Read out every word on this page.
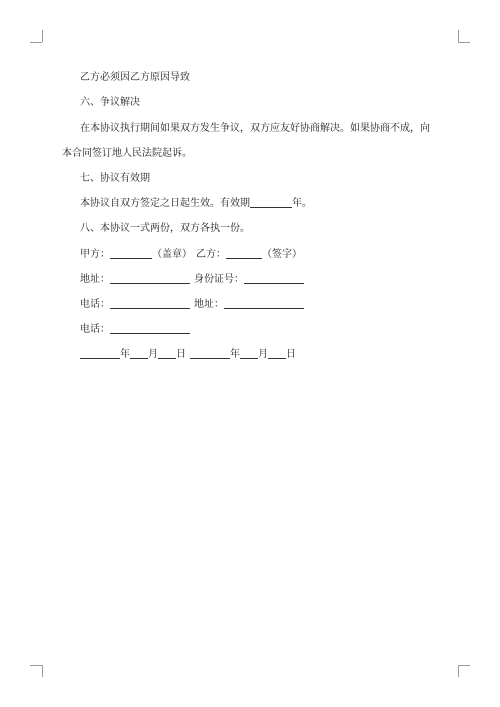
乙方必须因乙方原因导致
六、争议解决
在本协议执行期间如果双方发生争议，双方应友好协商解决。如果协商不成，向
本合同签订地人民法院起诉。
七、协议有效期
本协议自双方签定之日起生效。有效期	年。
八、本协议一式两份，双方各执一份。
甲方：	（盖章） 乙方：	（签字）
地址：	身份证号：
电话：	地址：
电话：
年 月 日	年 月 日
